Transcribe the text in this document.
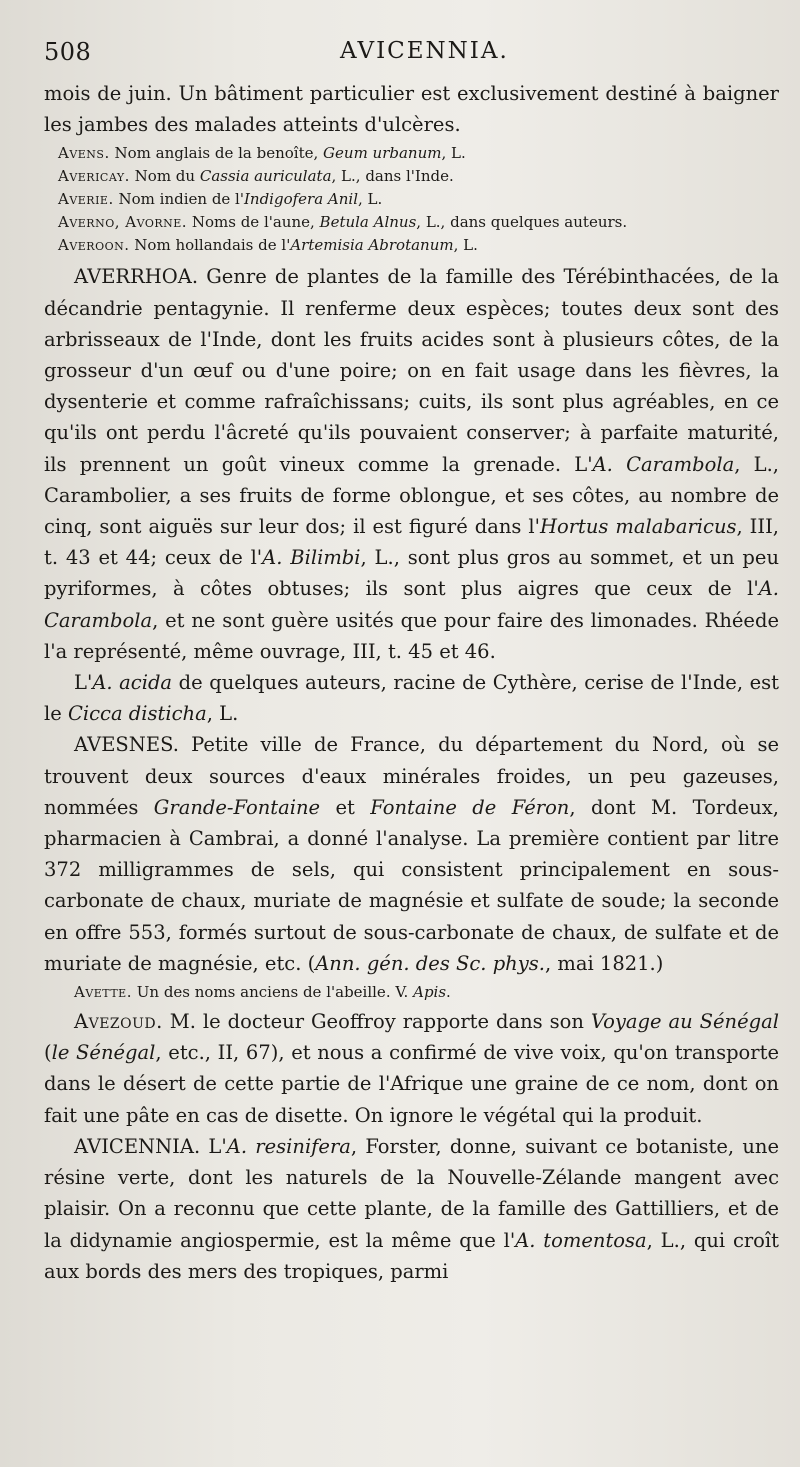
508	AVICENNIA.

mois de juin. Un bâtiment particulier est exclusivement destiné à baigner les jambes des malades atteints d'ulcères.

Avens. Nom anglais de la benoîte, Geum urbanum, L.

Avericay. Nom du Cassia auriculata, L., dans l'Inde.

Averie. Nom indien de l'Indigofera Anil, L.

Averno, Avorne. Noms de l'aune, Betula Alnus, L., dans quelques auteurs.

Averoon. Nom hollandais de l'Artemisia Abrotanum, L.

AVERRHOA. Genre de plantes de la famille des Térébinthacées, de la décandrie pentagynie. Il renferme deux espèces; toutes deux sont des arbrisseaux de l'Inde, dont les fruits acides sont à plusieurs côtes, de la grosseur d'un œuf ou d'une poire; on en fait usage dans les fièvres, la dysenterie et comme rafraîchissans; cuits, ils sont plus agréables, en ce qu'ils ont perdu l'âcreté qu'ils pouvaient conserver; à parfaite maturité, ils prennent un goût vineux comme la grenade. L'A. Carambola, L., Carambolier, a ses fruits de forme oblongue, et ses côtes, au nombre de cinq, sont aiguës sur leur dos; il est figuré dans l'Hortus malabaricus, III, t. 43 et 44; ceux de l'A. Bilimbi, L., sont plus gros au sommet, et un peu pyriformes, à côtes obtuses; ils sont plus aigres que ceux de l'A. Carambola, et ne sont guère usités que pour faire des limonades. Rhéede l'a représenté, même ouvrage, III, t. 45 et 46.

L'A. acida de quelques auteurs, racine de Cythère, cerise de l'Inde, est le Cicca disticha, L.

AVESNES. Petite ville de France, du département du Nord, où se trouvent deux sources d'eaux minérales froides, un peu gazeuses, nommées Grande-Fontaine et Fontaine de Féron, dont M. Tordeux, pharmacien à Cambrai, a donné l'analyse. La première contient par litre 372 milligrammes de sels, qui consistent principalement en sous-carbonate de chaux, muriate de magnésie et sulfate de soude; la seconde en offre 553, formés surtout de sous-carbonate de chaux, de sulfate et de muriate de magnésie, etc. (Ann. gén. des Sc. phys., mai 1821.)

Avette. Un des noms anciens de l'abeille. V. Apis.

Avezoud. M. le docteur Geoffroy rapporte dans son Voyage au Sénégal (le Sénégal, etc., II, 67), et nous a confirmé de vive voix, qu'on transporte dans le désert de cette partie de l'Afrique une graine de ce nom, dont on fait une pâte en cas de disette. On ignore le végétal qui la produit.

AVICENNIA. L'A. resinifera, Forster, donne, suivant ce botaniste, une résine verte, dont les naturels de la Nouvelle-Zélande mangent avec plaisir. On a reconnu que cette plante, de la famille des Gattilliers, et de la didynamie angiospermie, est la même que l'A. tomentosa, L., qui croît aux bords des mers des tropiques, parmi
